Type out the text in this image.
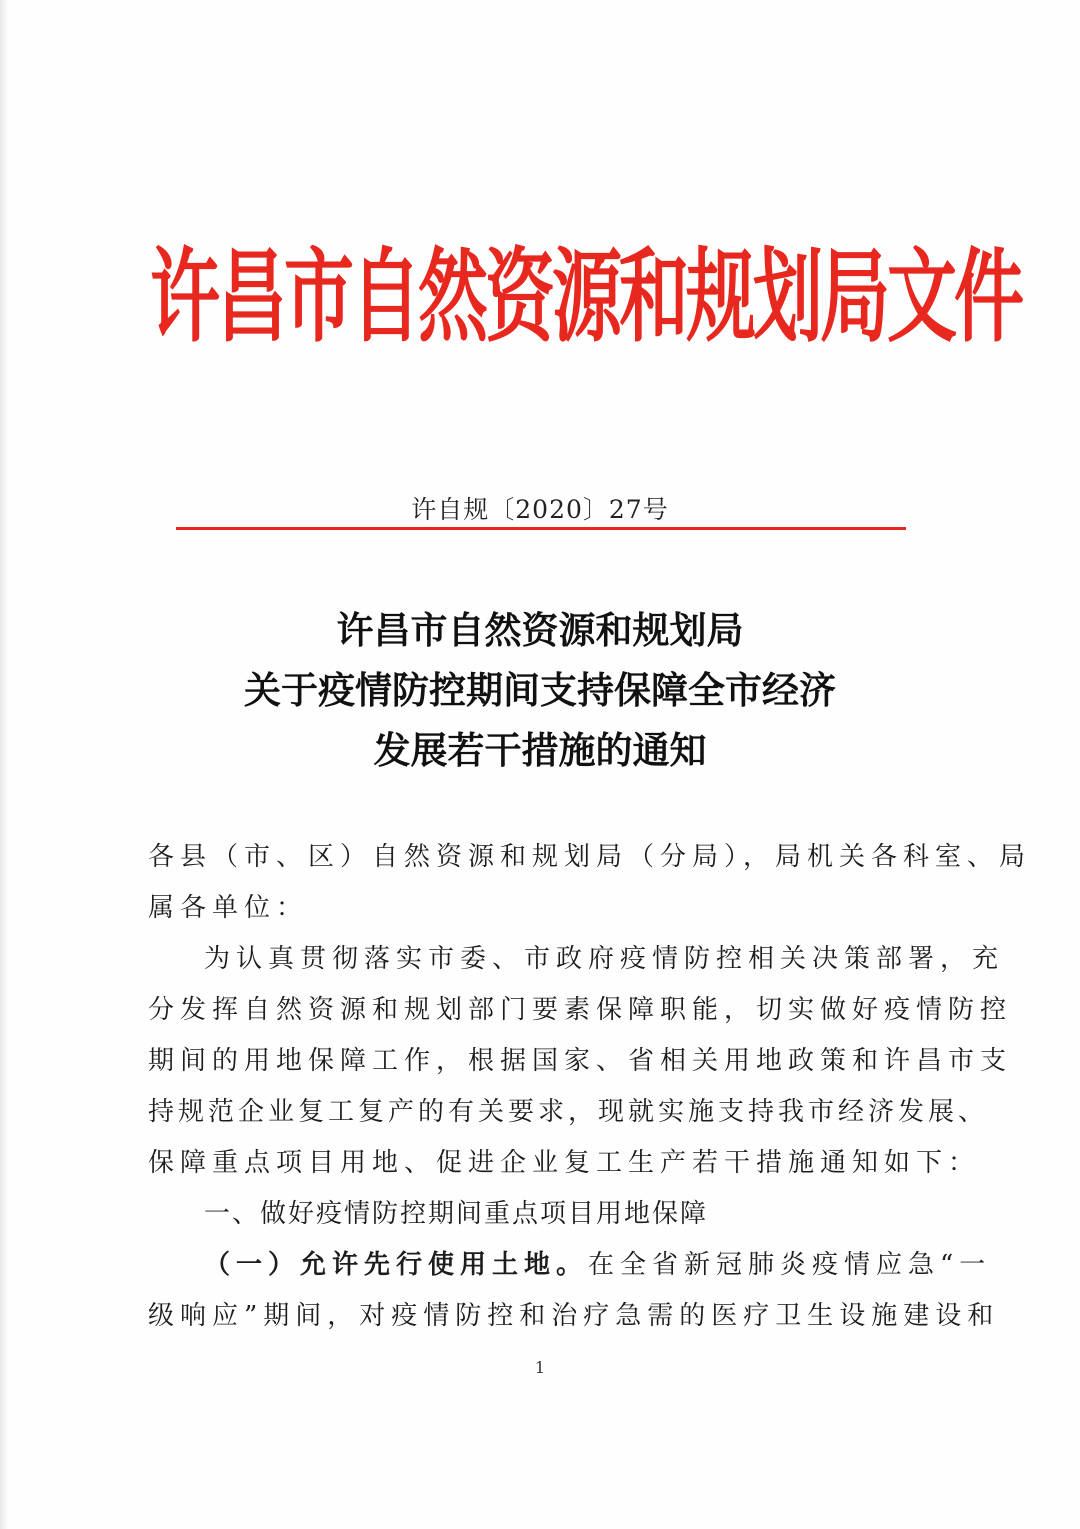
许昌市自然资源和规划局文件
许自规〔2020〕27号
许昌市自然资源和规划局
关于疫情防控期间支持保障全市经济
发展若干措施的通知
各县（市、区）自然资源和规划局（分局），局机关各科室、局
属各单位：
为认真贯彻落实市委、市政府疫情防控相关决策部署，充
分发挥自然资源和规划部门要素保障职能，切实做好疫情防控
期间的用地保障工作，根据国家、省相关用地政策和许昌市支
持规范企业复工复产的有关要求，现就实施支持我市经济发展、
保障重点项目用地、促进企业复工生产若干措施通知如下：
一、做好疫情防控期间重点项目用地保障
（一）允许先行使用土地。在全省新冠肺炎疫情应急“一
级响应”期间，对疫情防控和治疗急需的医疗卫生设施建设和
1
